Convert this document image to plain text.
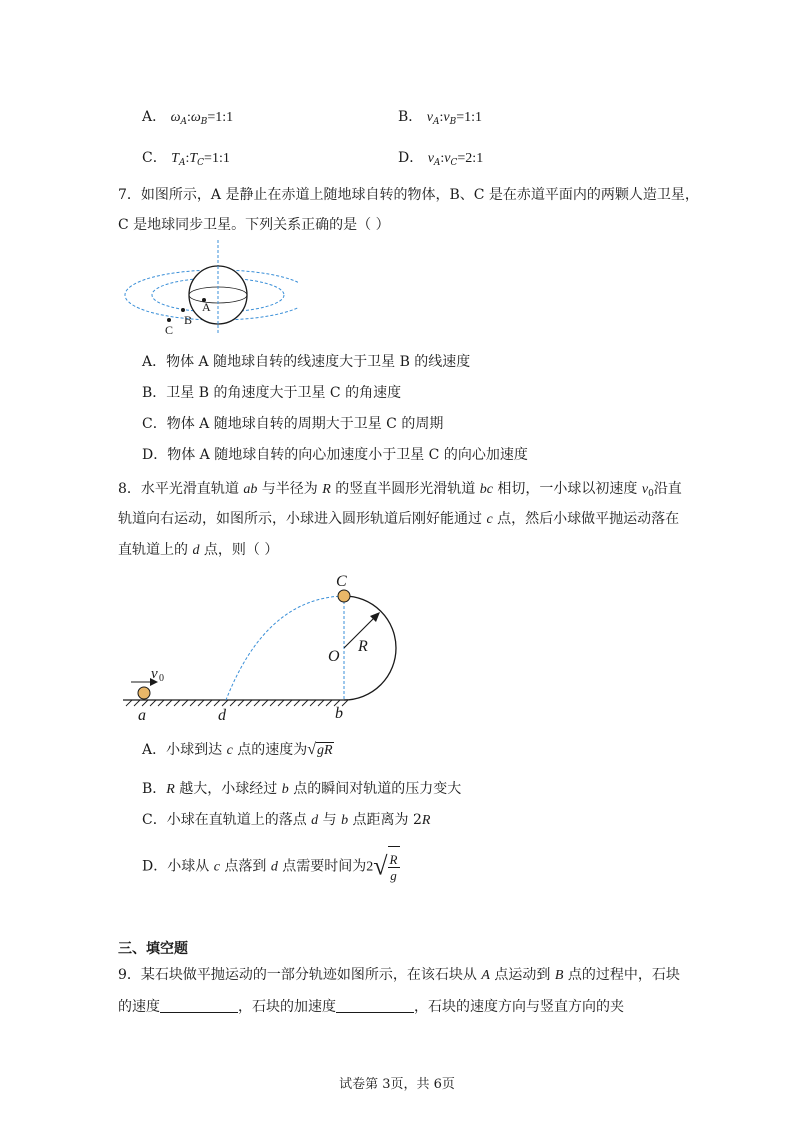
A． $\omega_A:\omega_B=1:1$	B． $v_A:v_B=1:1$
C． $T_A:T_C=1:1$	D． $v_A:v_C=2:1$
7．如图所示，A 是静止在赤道上随地球自转的物体，B、C 是在赤道平面内的两颗人造卫星，
C 是地球同步卫星。下列关系正确的是（ ）
A
B
C
A．物体 A 随地球自转的线速度大于卫星 B 的线速度
B．卫星 B 的角速度大于卫星 C 的角速度
C．物体 A 随地球自转的周期大于卫星 C 的周期
D．物体 A 随地球自转的向心加速度小于卫星 C 的向心加速度
8．水平光滑直轨道 ab 与半径为 R 的竖直半圆形光滑轨道 bc 相切，一小球以初速度 $v_0$沿直
轨道向右运动，如图所示，小球进入圆形轨道后刚好能通过 c 点，然后小球做平抛运动落在
直轨道上的 d 点，则（ ）
C
R
O
v 0
a	d	b
A．小球到达 c 点的速度为√gR
B．R 越大，小球经过 b 点的瞬间对轨道的压力变大
C．小球在直轨道上的落点 d 与 b 点距离为 2R
D．小球从 c 点落到 d 点需要时间为$2√ \frac{R}{g}$
三、填空题
9．某石块做平抛运动的一部分轨迹如图所示，在该石块从 A 点运动到 B 点的过程中，石块
的速度	，石块的加速度	，石块的速度方向与竖直方向的夹
试卷第 3页，共 6页
